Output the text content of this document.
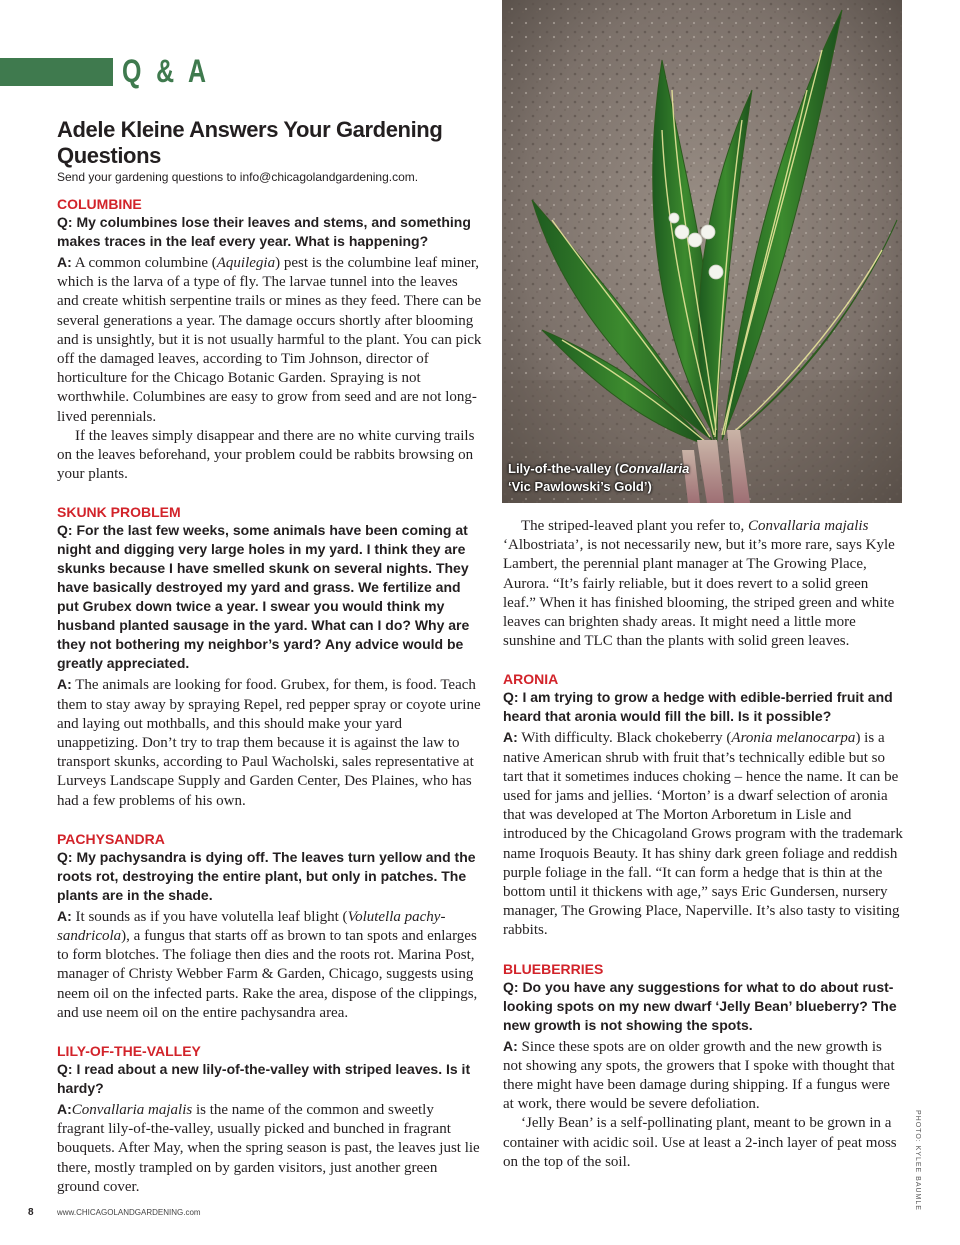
Q & A
Lily-of-the-valley (Convallaria
‘Vic Pawlowski’s Gold’)
PHOTO: KYLEE BAUMLE
Adele Kleine Answers Your Gardening Questions

Send your gardening questions to info@chicagolandgardening.com.

COLUMBINE

Q: My columbines lose their leaves and stems, and something makes traces in the leaf every year. What is happening?

A: A common columbine (Aquilegia) pest is the columbine leaf miner, which is the larva of a type of fly. The larvae tunnel into the leaves and create whitish serpentine trails or mines as they feed. There can be several generations a year. The damage occurs shortly after blooming and is unsightly, but it is not usually harmful to the plant. You can pick off the damaged leaves, according to Tim Johnson, director of horticulture for the Chicago Botanic Garden. Spraying is not worthwhile. Columbines are easy to grow from seed and are not long-lived perennials.

If the leaves simply disappear and there are no white curving trails on the leaves beforehand, your problem could be rabbits browsing on your plants.

SKUNK PROBLEM

Q: For the last few weeks, some animals have been coming at night and digging very large holes in my yard. I think they are skunks because I have smelled skunk on several nights. They have basically destroyed my yard and grass. We fertilize and put Grubex down twice a year. I swear you would think my husband planted sausage in the yard. What can I do? Why are they not bothering my neighbor’s yard? Any advice would be greatly appreciated.

A: The animals are looking for food. Grubex, for them, is food. Teach them to stay away by spraying Repel, red pepper spray or coyote urine and laying out mothballs, and this should make your yard unappetizing. Don’t try to trap them because it is against the law to transport skunks, according to Paul Wacholski, sales representative at Lurveys Landscape Supply and Garden Center, Des Plaines, who has had a few problems of his own.

PACHYSANDRA

Q: My pachysandra is dying off. The leaves turn yellow and the roots rot, destroying the entire plant, but only in patches. The plants are in the shade.

A: It sounds as if you have volutella leaf blight (Volutella pachy-sandricola), a fungus that starts off as brown to tan spots and enlarges to form blotches. The foliage then dies and the roots rot. Marina Post, manager of Christy Webber Farm & Garden, Chicago, suggests using neem oil on the infected parts. Rake the area, dispose of the clippings, and use neem oil on the entire pachysandra area.

LILY-OF-THE-VALLEY

Q: I read about a new lily-of-the-valley with striped leaves. Is it hardy?

A:Convallaria majalis is the name of the common and sweetly fragrant lily-of-the-valley, usually picked and bunched in fragrant bouquets. After May, when the spring season is past, the leaves just lie there, mostly trampled on by garden visitors, just another green ground cover.

The striped-leaved plant you refer to, Convallaria majalis ‘Albostriata’, is not necessarily new, but it’s more rare, says Kyle Lambert, the perennial plant manager at The Growing Place, Aurora. “It’s fairly reliable, but it does revert to a solid green leaf.” When it has finished blooming, the striped green and white leaves can brighten shady areas. It might need a little more sunshine and TLC than the plants with solid green leaves.

ARONIA

Q: I am trying to grow a hedge with edible-berried fruit and heard that aronia would fill the bill. Is it possible?

A: With difficulty. Black chokeberry (Aronia melanocarpa) is a native American shrub with fruit that’s technically edible but so tart that it sometimes induces choking – hence the name. It can be used for jams and jellies. ‘Morton’ is a dwarf selection of aronia that was developed at The Morton Arboretum in Lisle and introduced by the Chicagoland Grows program with the trademark name Iroquois Beauty. It has shiny dark green foliage and reddish purple foliage in the fall. “It can form a hedge that is thin at the bottom until it thickens with age,” says Eric Gundersen, nursery manager, The Growing Place, Naperville. It’s also tasty to visiting rabbits.

BLUEBERRIES

Q: Do you have any suggestions for what to do about rust-looking spots on my new dwarf ‘Jelly Bean’ blueberry? The new growth is not showing the spots.

A: Since these spots are on older growth and the new growth is not showing any spots, the growers that I spoke with thought that there might have been damage during shipping. If a fungus were at work, there would be severe defoliation.

‘Jelly Bean’ is a self-pollinating plant, meant to be grown in a container with acidic soil. Use at least a 2-inch layer of peat moss on the top of the soil.

8	www.CHICAGOLANDGARDENING.com
